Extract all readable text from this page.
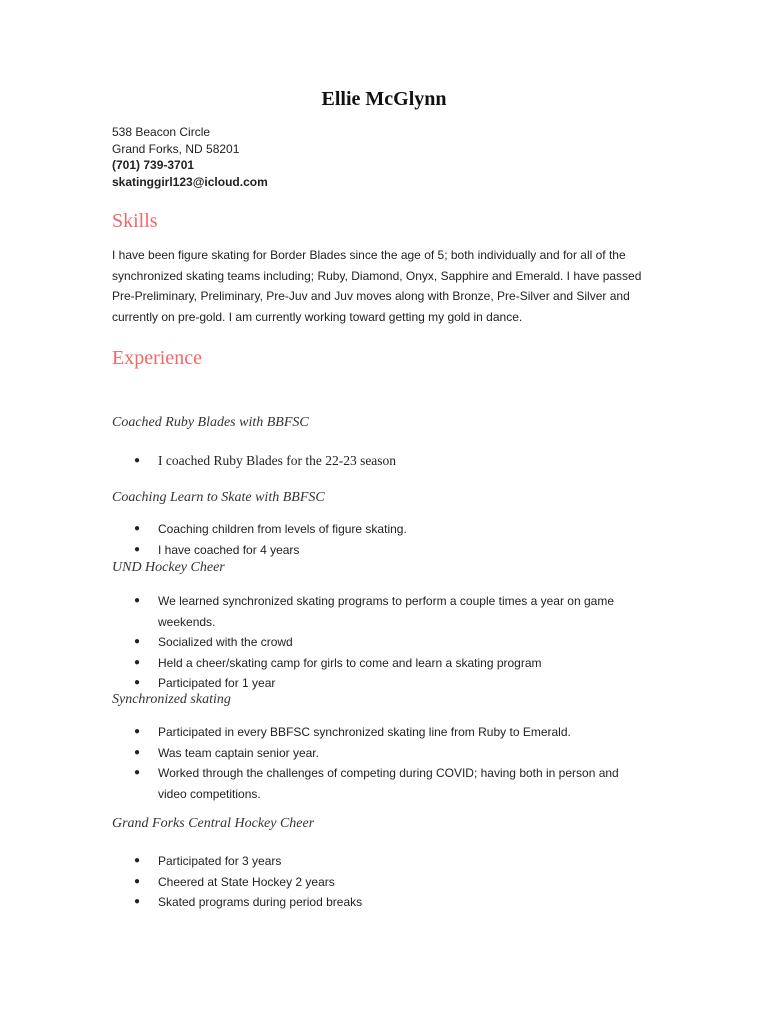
Ellie McGlynn
538 Beacon Circle
Grand Forks, ND 58201
(701) 739-3701
skatinggirl123@icloud.com
Skills
I have been figure skating for Border Blades since the age of 5; both individually and for all of the synchronized skating teams including; Ruby, Diamond, Onyx, Sapphire and Emerald. I have passed Pre-Preliminary, Preliminary, Pre-Juv and Juv moves along with Bronze, Pre-Silver and Silver and currently on pre-gold. I am currently working toward getting my gold in dance.
Experience
Coached Ruby Blades with BBFSC
● I coached Ruby Blades for the 22-23 season
Coaching Learn to Skate with BBFSC
● Coaching children from levels of figure skating.
● I have coached for 4 years
UND Hockey Cheer
● We learned synchronized skating programs to perform a couple times a year on game weekends.
● Socialized with the crowd
● Held a cheer/skating camp for girls to come and learn a skating program
● Participated for 1 year
Synchronized skating
● Participated in every BBFSC synchronized skating line from Ruby to Emerald.
● Was team captain senior year.
● Worked through the challenges of competing during COVID; having both in person and video competitions.
Grand Forks Central Hockey Cheer
● Participated for 3 years
● Cheered at State Hockey 2 years
● Skated programs during period breaks
